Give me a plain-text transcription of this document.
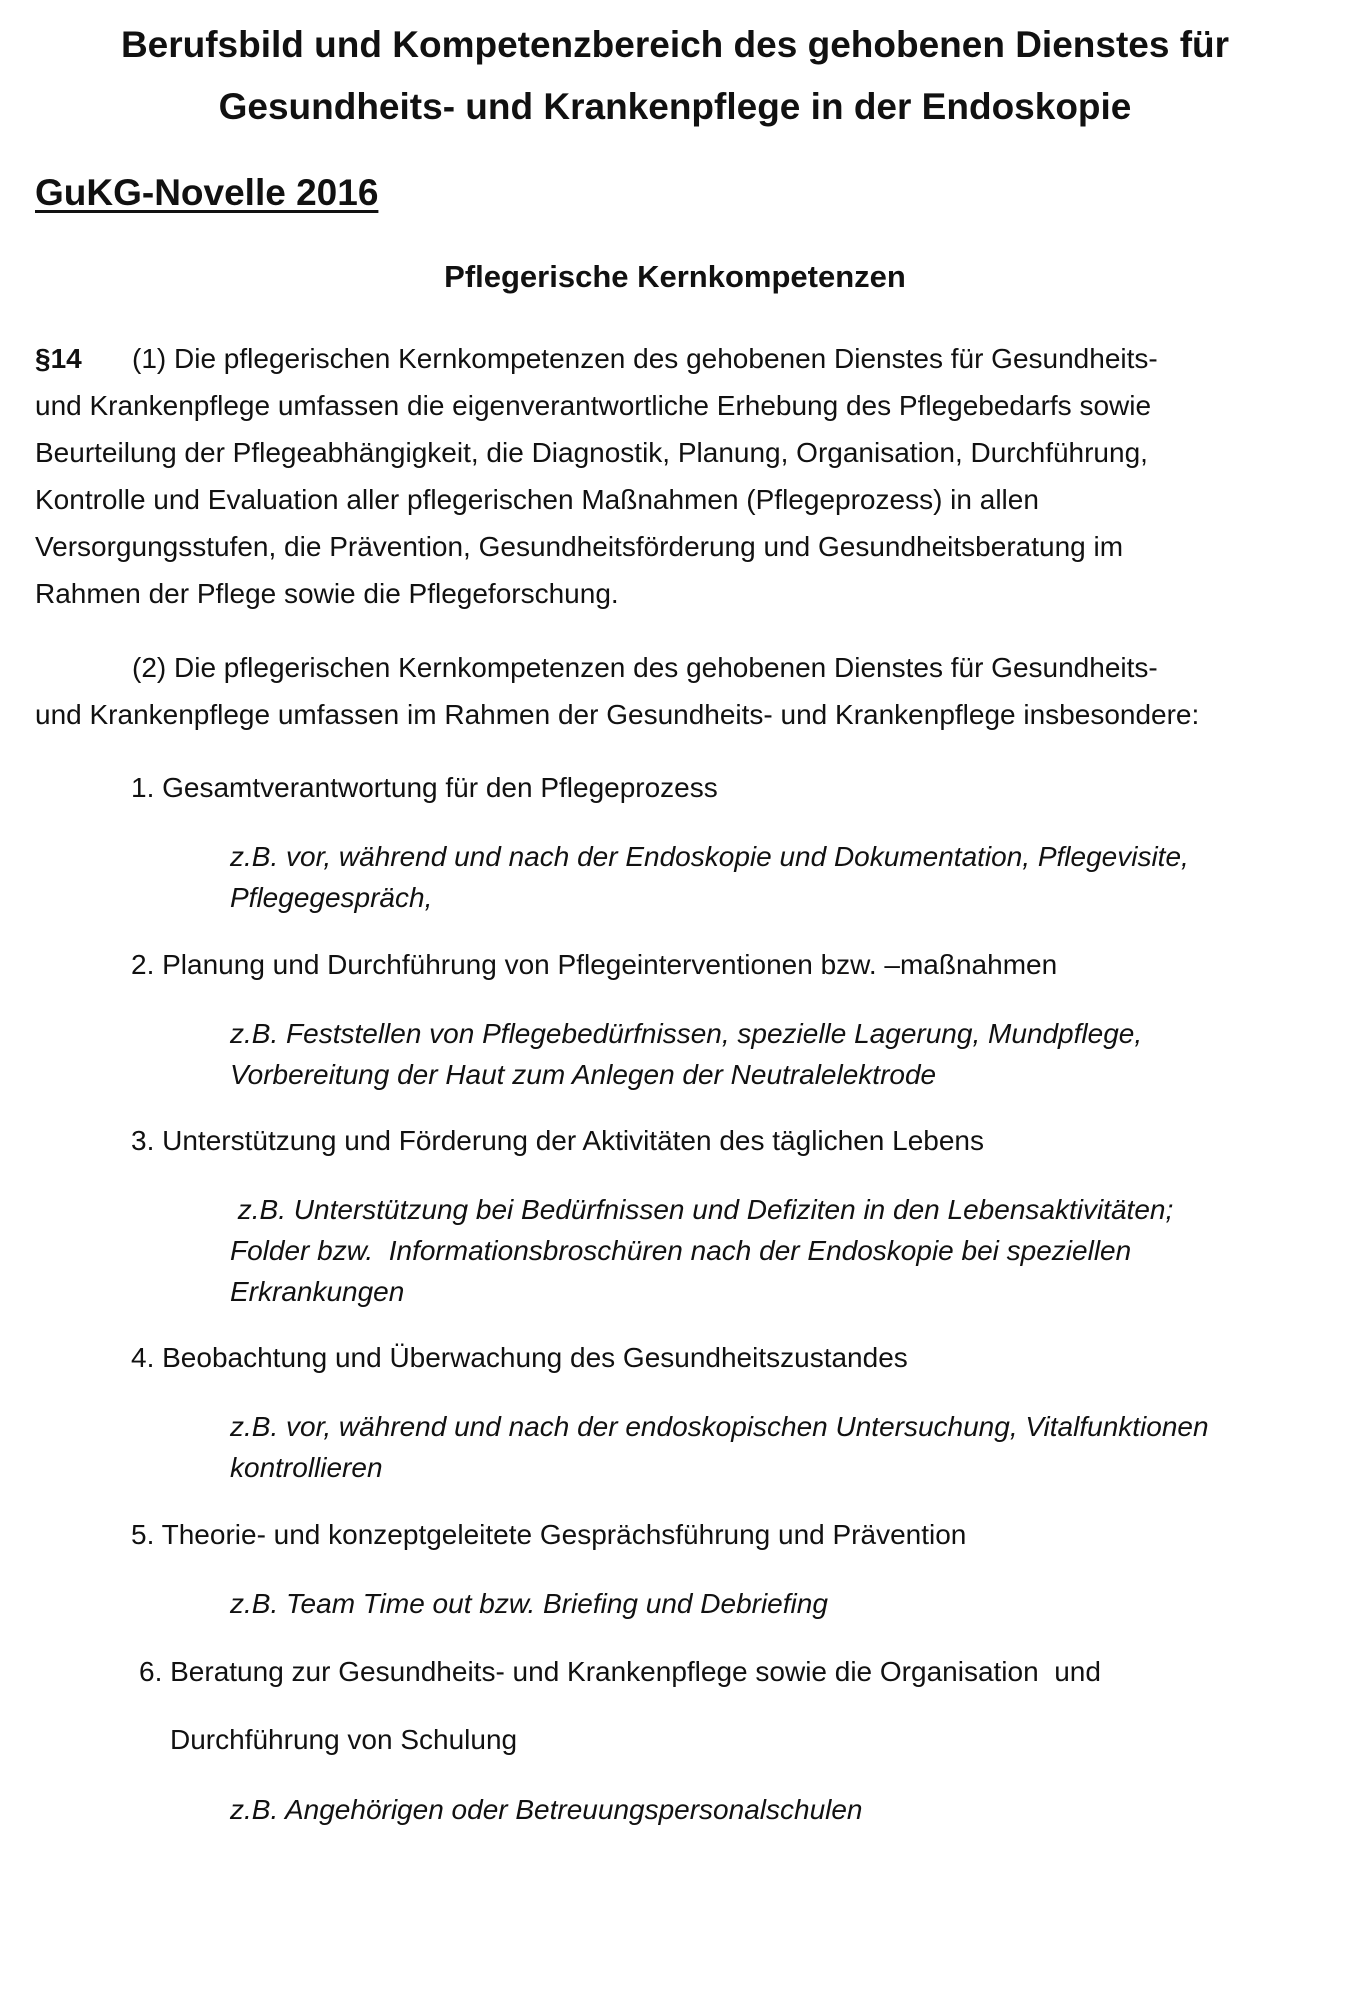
Berufsbild und Kompetenzbereich des gehobenen Dienstes für
Gesundheits- und Krankenpflege in der Endoskopie
GuKG-Novelle 2016
Pflegerische Kernkompetenzen
§14 (1) Die pflegerischen Kernkompetenzen des gehobenen Dienstes für Gesundheits-
und Krankenpflege umfassen die eigenverantwortliche Erhebung des Pflegebedarfs sowie
Beurteilung der Pflegeabhängigkeit, die Diagnostik, Planung, Organisation, Durchführung,
Kontrolle und Evaluation aller pflegerischen Maßnahmen (Pflegeprozess) in allen
Versorgungsstufen, die Prävention, Gesundheitsförderung und Gesundheitsberatung im
Rahmen der Pflege sowie die Pflegeforschung.
(2) Die pflegerischen Kernkompetenzen des gehobenen Dienstes für Gesundheits-
und Krankenpflege umfassen im Rahmen der Gesundheits- und Krankenpflege insbesondere:

1. Gesamtverantwortung für den Pflegeprozess

z.B. vor, während und nach der Endoskopie und Dokumentation, Pflegevisite,
Pflegegespräch,

2. Planung und Durchführung von Pflegeinterventionen bzw. –maßnahmen

z.B. Feststellen von Pflegebedürfnissen, spezielle Lagerung, Mundpflege,
Vorbereitung der Haut zum Anlegen der Neutralelektrode

3. Unterstützung und Förderung der Aktivitäten des täglichen Lebens

z.B. Unterstützung bei Bedürfnissen und Defiziten in den Lebensaktivitäten;
Folder bzw.  Informationsbroschüren nach der Endoskopie bei speziellen
Erkrankungen

4. Beobachtung und Überwachung des Gesundheitszustandes

z.B. vor, während und nach der endoskopischen Untersuchung, Vitalfunktionen
kontrollieren

5. Theorie- und konzeptgeleitete Gesprächsführung und Prävention

z.B. Team Time out bzw. Briefing und Debriefing

6. Beratung zur Gesundheits- und Krankenpflege sowie die Organisation  und

Durchführung von Schulung

z.B. Angehörigen oder Betreuungspersonalschulen
